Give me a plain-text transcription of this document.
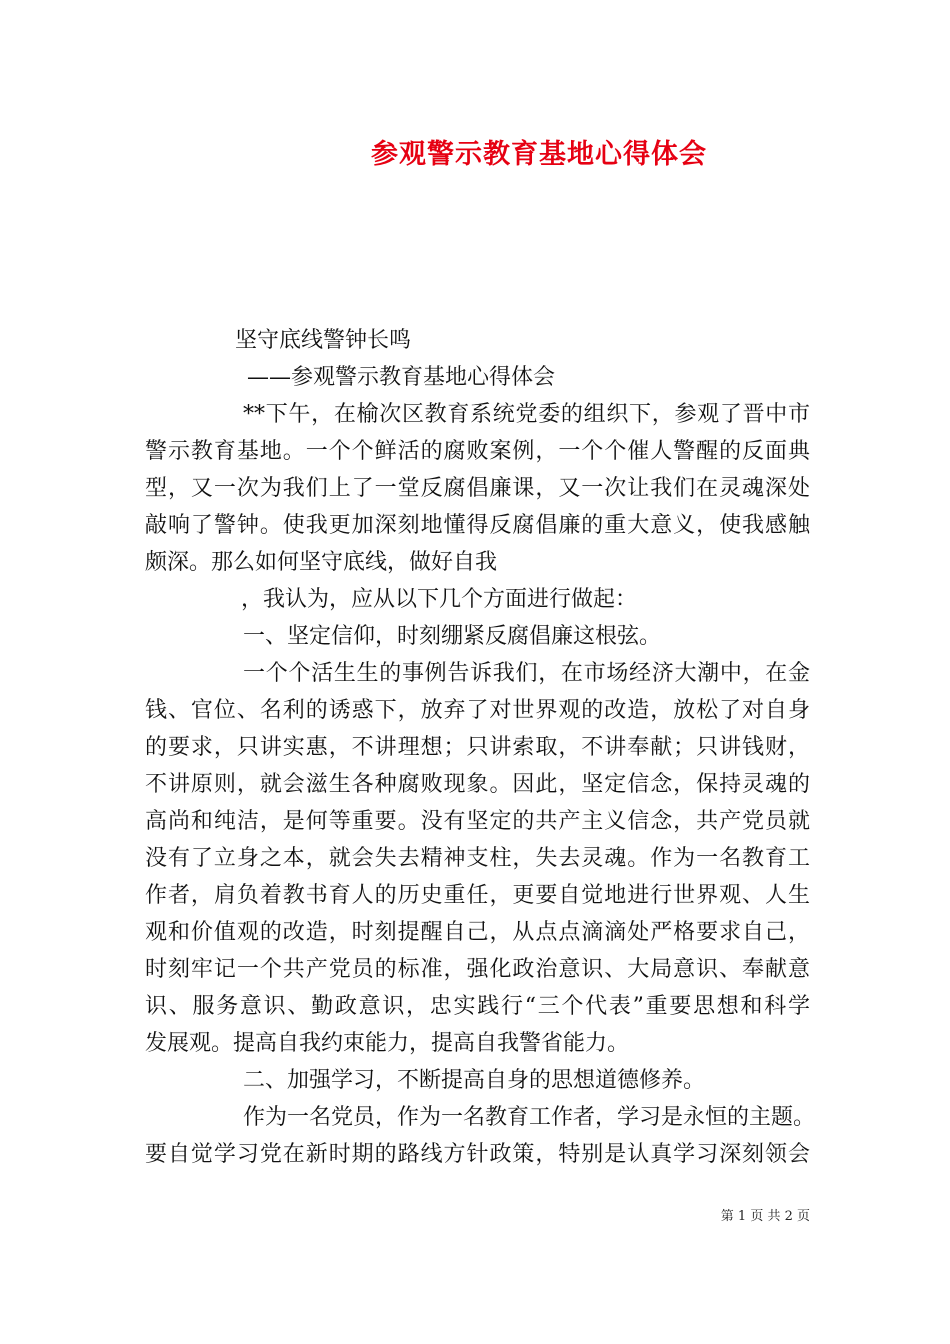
参观警示教育基地心得体会
坚守底线警钟长鸣
——参观警示教育基地心得体会
**下午，在榆次区教育系统党委的组织下，参观了晋中市
警示教育基地。一个个鲜活的腐败案例，一个个催人警醒的反面典
型，又一次为我们上了一堂反腐倡廉课，又一次让我们在灵魂深处
敲响了警钟。使我更加深刻地懂得反腐倡廉的重大意义，使我感触
颇深。那么如何坚守底线，做好自我
，我认为，应从以下几个方面进行做起：
一、坚定信仰，时刻绷紧反腐倡廉这根弦。
一个个活生生的事例告诉我们，在市场经济大潮中，在金
钱、官位、名利的诱惑下，放弃了对世界观的改造，放松了对自身
的要求，只讲实惠，不讲理想；只讲索取，不讲奉献；只讲钱财，
不讲原则，就会滋生各种腐败现象。因此，坚定信念，保持灵魂的
高尚和纯洁，是何等重要。没有坚定的共产主义信念，共产党员就
没有了立身之本，就会失去精神支柱，失去灵魂。作为一名教育工
作者，肩负着教书育人的历史重任，更要自觉地进行世界观、人生
观和价值观的改造，时刻提醒自己，从点点滴滴处严格要求自己，
时刻牢记一个共产党员的标准，强化政治意识、大局意识、奉献意
识、服务意识、勤政意识，忠实践行“三个代表”重要思想和科学
发展观。提高自我约束能力，提高自我警省能力。
二、加强学习，不断提高自身的思想道德修养。
作为一名党员，作为一名教育工作者，学习是永恒的主题。
要自觉学习党在新时期的路线方针政策，特别是认真学习深刻领会
第 1 页 共 2 页
